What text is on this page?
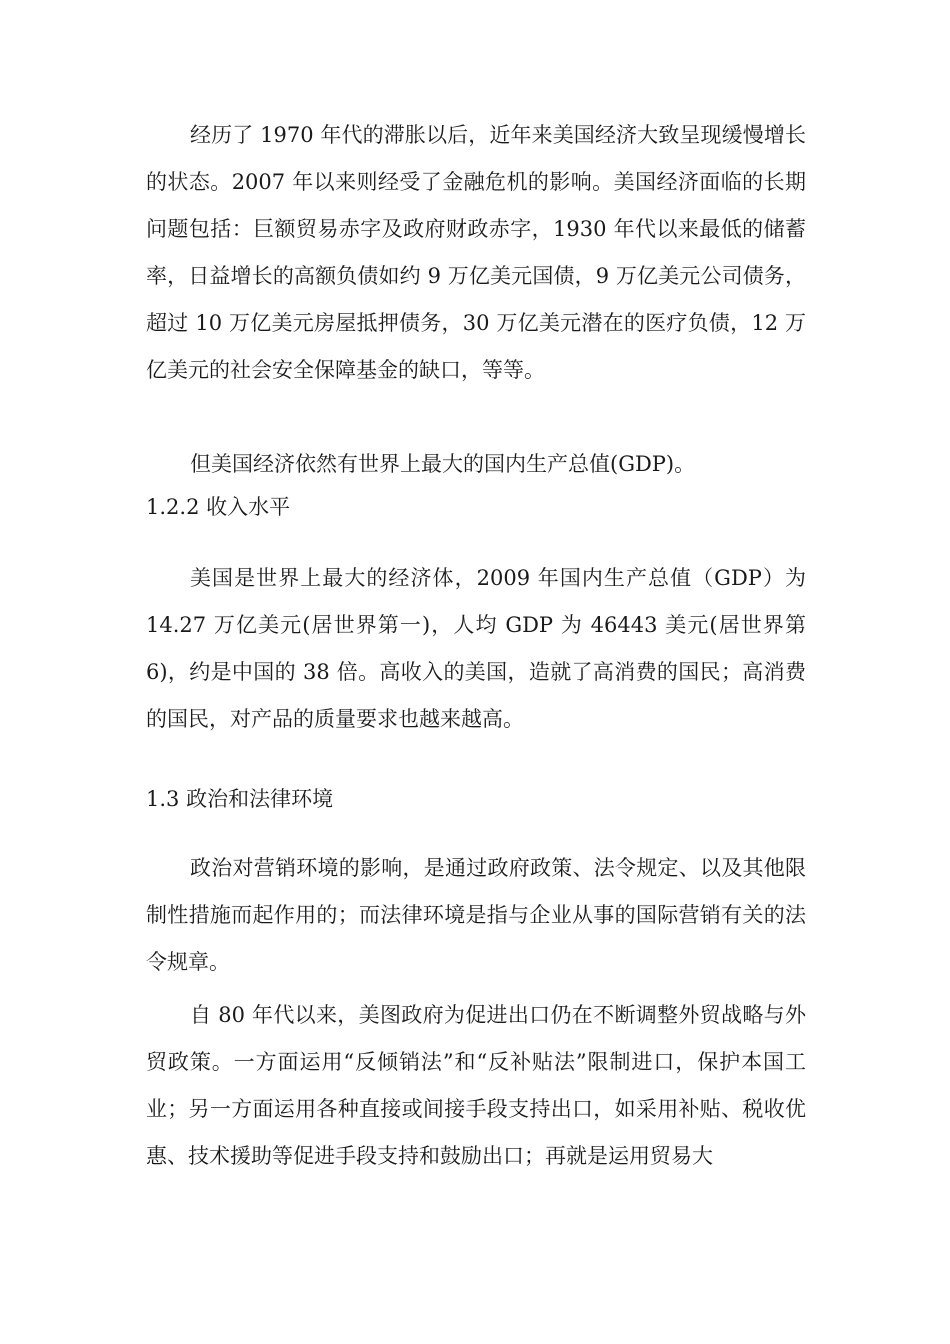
经历了 1970 年代的滞胀以后，近年来美国经济大致呈现缓慢增长的状态。2007 年以来则经受了金融危机的影响。美国经济面临的长期问题包括：巨额贸易赤字及政府财政赤字，1930 年代以来最低的储蓄率，日益增长的高额负债如约 9 万亿美元国债，9 万亿美元公司债务，超过 10 万亿美元房屋抵押债务，30 万亿美元潜在的医疗负债，12 万亿美元的社会安全保障基金的缺口，等等。

但美国经济依然有世界上最大的国内生产总值(GDP)。

1.2.2 收入水平

美国是世界上最大的经济体，2009 年国内生产总值（GDP）为 14.27 万亿美元(居世界第一)，人均 GDP 为 46443 美元(居世界第 6)，约是中国的 38 倍。高收入的美国，造就了高消费的国民；高消费的国民，对产品的质量要求也越来越高。

1.3 政治和法律环境

政治对营销环境的影响，是通过政府政策、法令规定、以及其他限制性措施而起作用的；而法律环境是指与企业从事的国际营销有关的法令规章。

自 80 年代以来，美图政府为促进出口仍在不断调整外贸战略与外贸政策。一方面运用“反倾销法”和“反补贴法”限制进口，保护本国工业；另一方面运用各种直接或间接手段支持出口，如采用补贴、税收优惠、技术援助等促进手段支持和鼓励出口；再就是运用贸易大
